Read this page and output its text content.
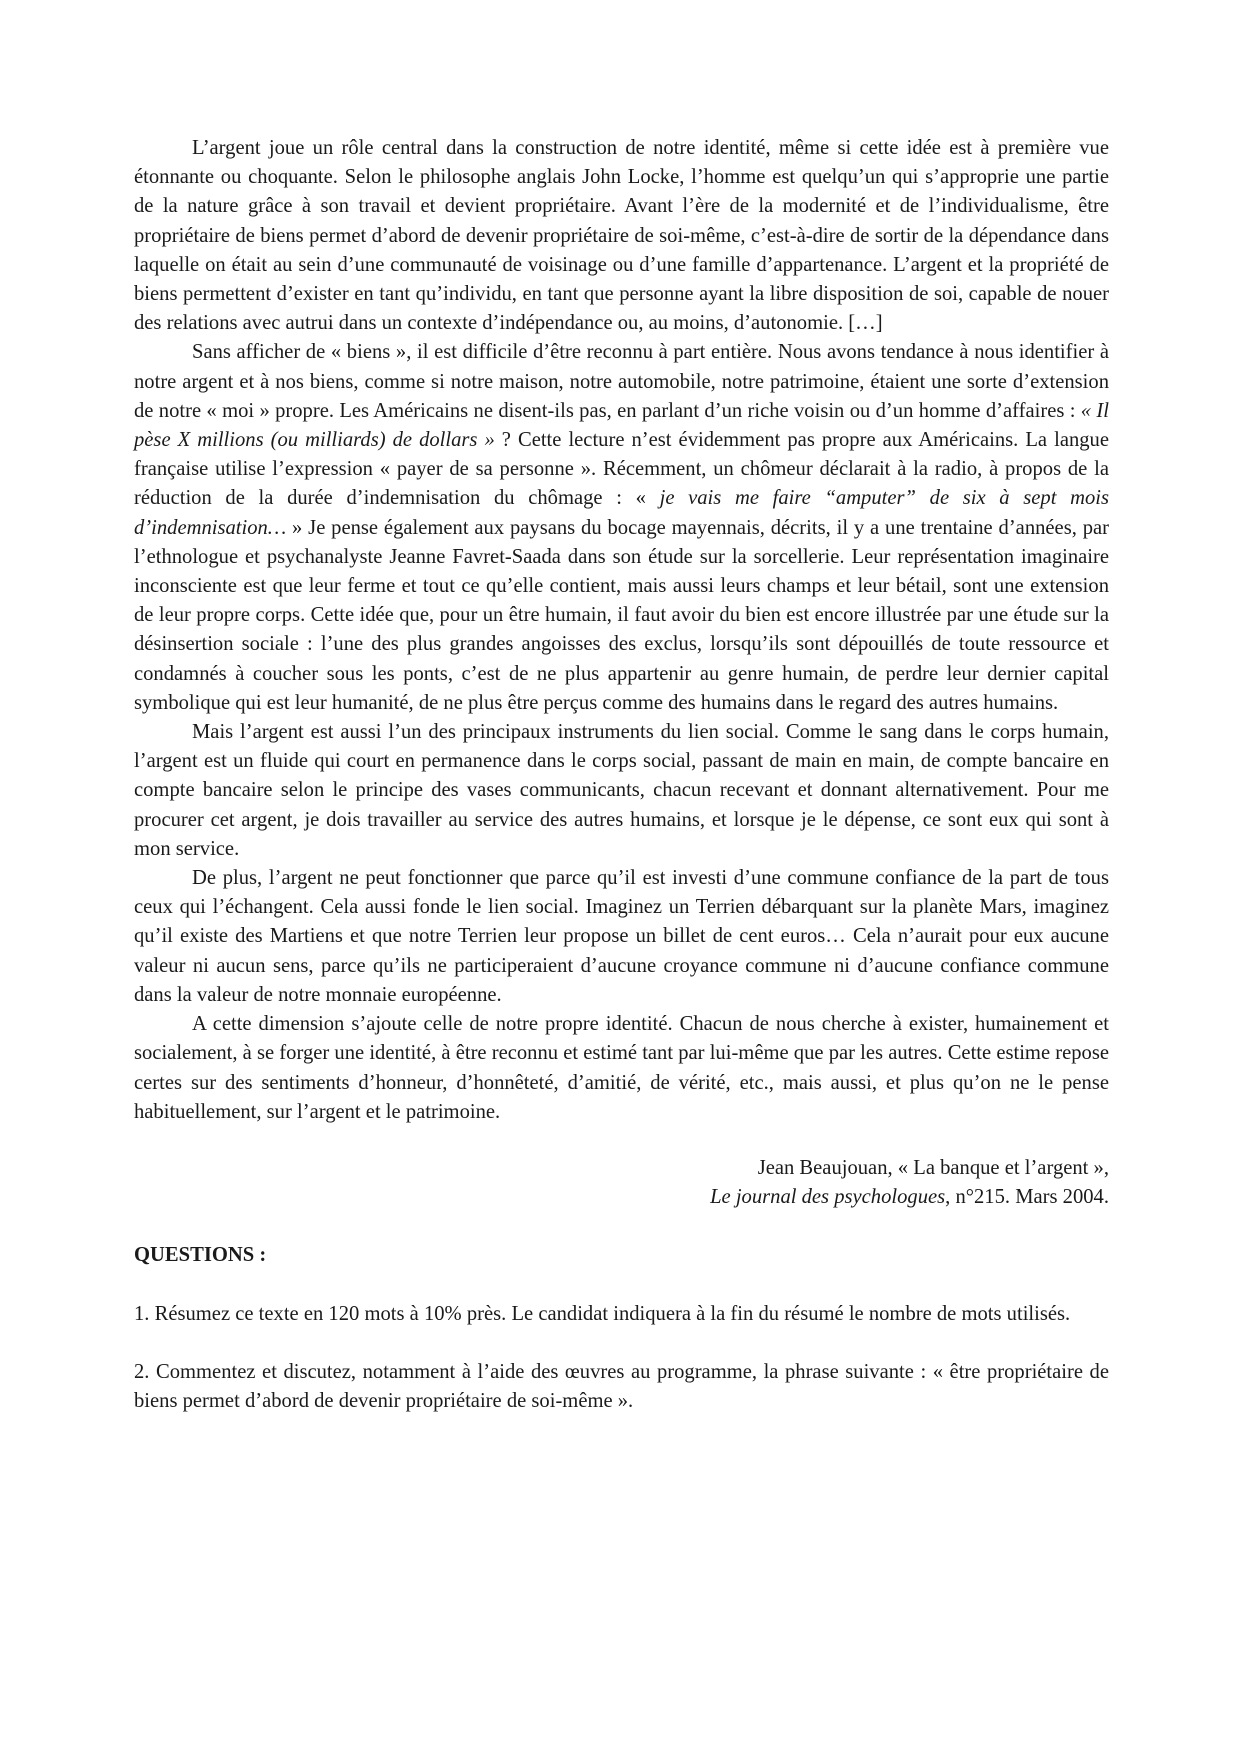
L’argent joue un rôle central dans la construction de notre identité, même si cette idée est à première vue étonnante ou choquante. Selon le philosophe anglais John Locke, l’homme est quelqu’un qui s’approprie une partie de la nature grâce à son travail et devient propriétaire. Avant l’ère de la modernité et de l’individualisme, être propriétaire de biens permet d’abord de devenir propriétaire de soi-même, c’est-à-dire de sortir de la dépendance dans laquelle on était au sein d’une communauté de voisinage ou d’une famille d’appartenance. L’argent et la propriété de biens permettent d’exister en tant qu’individu, en tant que personne ayant la libre disposition de soi, capable de nouer des relations avec autrui dans un contexte d’indépendance ou, au moins, d’autonomie. […]

Sans afficher de « biens », il est difficile d’être reconnu à part entière. Nous avons tendance à nous identifier à notre argent et à nos biens, comme si notre maison, notre automobile, notre patrimoine, étaient une sorte d’extension de notre « moi » propre. Les Américains ne disent-ils pas, en parlant d’un riche voisin ou d’un homme d’affaires : « Il pèse X millions (ou milliards) de dollars » ? Cette lecture n’est évidemment pas propre aux Américains. La langue française utilise l’expression « payer de sa personne ». Récemment, un chômeur déclarait à la radio, à propos de la réduction de la durée d’indemnisation du chômage : « je vais me faire “amputer” de six à sept mois d’indemnisation… » Je pense également aux paysans du bocage mayennais, décrits, il y a une trentaine d’années, par l’ethnologue et psychanalyste Jeanne Favret-Saada dans son étude sur la sorcellerie. Leur représentation imaginaire inconsciente est que leur ferme et tout ce qu’elle contient, mais aussi leurs champs et leur bétail, sont une extension de leur propre corps. Cette idée que, pour un être humain, il faut avoir du bien est encore illustrée par une étude sur la désinsertion sociale : l’une des plus grandes angoisses des exclus, lorsqu’ils sont dépouillés de toute ressource et condamnés à coucher sous les ponts, c’est de ne plus appartenir au genre humain, de perdre leur dernier capital symbolique qui est leur humanité, de ne plus être perçus comme des humains dans le regard des autres humains.

Mais l’argent est aussi l’un des principaux instruments du lien social. Comme le sang dans le corps humain, l’argent est un fluide qui court en permanence dans le corps social, passant de main en main, de compte bancaire en compte bancaire selon le principe des vases communicants, chacun recevant et donnant alternativement. Pour me procurer cet argent, je dois travailler au service des autres humains, et lorsque je le dépense, ce sont eux qui sont à mon service.

De plus, l’argent ne peut fonctionner que parce qu’il est investi d’une commune confiance de la part de tous ceux qui l’échangent. Cela aussi fonde le lien social. Imaginez un Terrien débarquant sur la planète Mars, imaginez qu’il existe des Martiens et que notre Terrien leur propose un billet de cent euros… Cela n’aurait pour eux aucune valeur ni aucun sens, parce qu’ils ne participeraient d’aucune croyance commune ni d’aucune confiance commune dans la valeur de notre monnaie européenne.

A cette dimension s’ajoute celle de notre propre identité. Chacun de nous cherche à exister, humainement et socialement, à se forger une identité, à être reconnu et estimé tant par lui-même que par les autres. Cette estime repose certes sur des sentiments d’honneur, d’honnêteté, d’amitié, de vérité, etc., mais aussi, et plus qu’on ne le pense habituellement, sur l’argent et le patrimoine.

Jean Beaujouan, « La banque et l’argent »,
Le journal des psychologues, n°215. Mars 2004.
QUESTIONS :

1. Résumez ce texte en 120 mots à 10% près. Le candidat indiquera à la fin du résumé le nombre de mots utilisés.

2. Commentez et discutez, notamment à l’aide des œuvres au programme, la phrase suivante : « être propriétaire de biens permet d’abord de devenir propriétaire de soi-même ».
